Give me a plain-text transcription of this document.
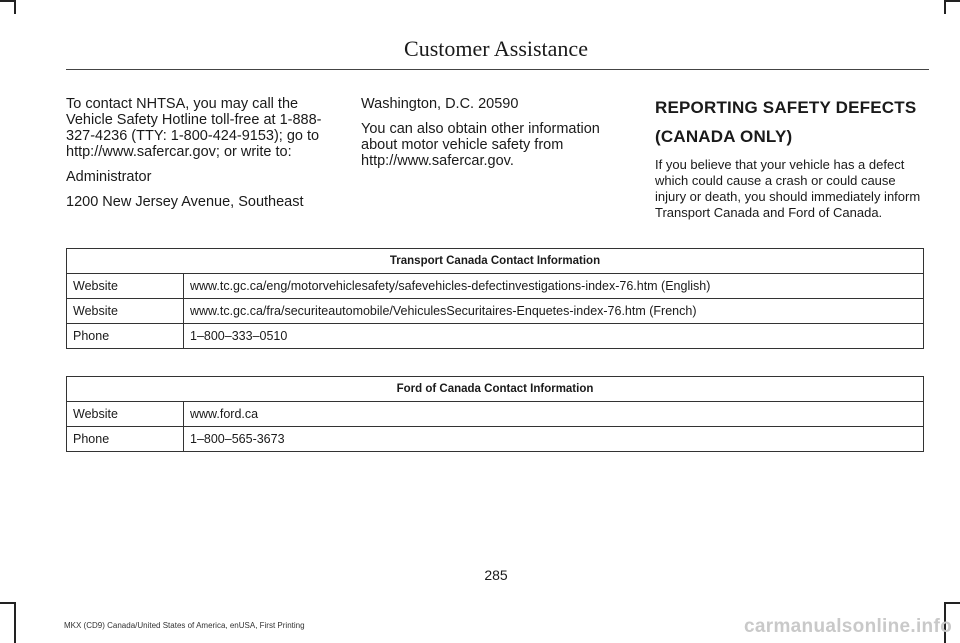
Customer Assistance

To contact NHTSA, you may call the Vehicle Safety Hotline toll-free at 1-888-327-4236 (TTY: 1-800-424-9153); go to http://www.safercar.gov; or write to:

Administrator

1200 New Jersey Avenue, Southeast

Washington, D.C. 20590

You can also obtain other information about motor vehicle safety from http://www.safercar.gov.

REPORTING SAFETY DEFECTS
(CANADA ONLY)

If you believe that your vehicle has a defect which could cause a crash or could cause injury or death, you should immediately inform Transport Canada and Ford of Canada.

Transport Canada Contact Information	
Website	www.tc.gc.ca/eng/motorvehiclesafety/safevehicles-defectinvestigations-index-76.htm (English)
Website	www.tc.gc.ca/fra/securiteautomobile/VehiculesSecuritaires-Enquetes-index-76.htm (French)
Phone	1–800–333–0510
Ford of Canada Contact Information	
Website	www.ford.ca
Phone	1–800–565-3673
285
MKX (CD9) Canada/United States of America, enUSA, First Printing	carmanualsonline.info
